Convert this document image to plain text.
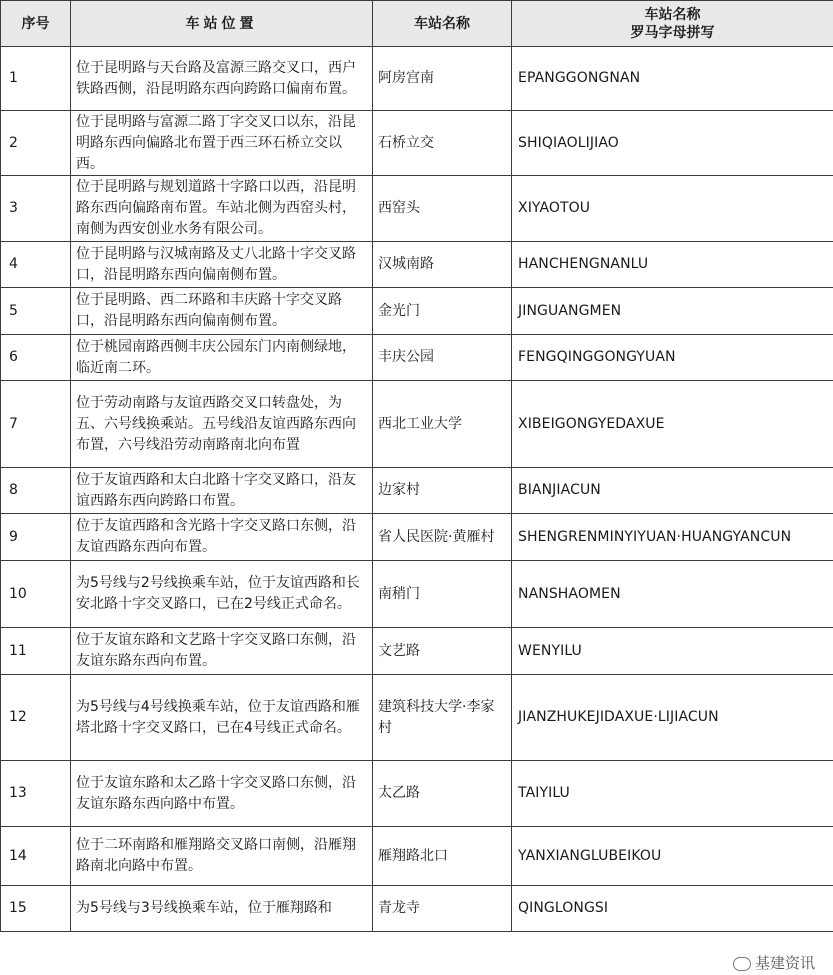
序号	车站位置	车站名称	车站名称
罗马字母拼写
1	位于昆明路与天台路及富源三路交叉口，西户铁路西侧，沿昆明路东西向跨路口偏南布置。	阿房宫南	EPANGGONGNAN
2	位于昆明路与富源二路丁字交叉口以东，沿昆明路东西向偏路北布置于西三环石桥立交以西。	石桥立交	SHIQIAOLIJIAO
3	位于昆明路与规划道路十字路口以西，沿昆明路东西向偏路南布置。车站北侧为西窑头村，南侧为西安创业水务有限公司。	西窑头	XIYAOTOU
4	位于昆明路与汉城南路及丈八北路十字交叉路口，沿昆明路东西向偏南侧布置。	汉城南路	HANCHENGNANLU
5	位于昆明路、西二环路和丰庆路十字交叉路口，沿昆明路东西向偏南侧布置。	金光门	JINGUANGMEN
6	位于桃园南路西侧丰庆公园东门内南侧绿地，临近南二环。	丰庆公园	FENGQINGGONGYUAN
7	位于劳动南路与友谊西路交叉口转盘处，为五、六号线换乘站。五号线沿友谊西路东西向布置，六号线沿劳动南路南北向布置	西北工业大学	XIBEIGONGYEDAXUE
8	位于友谊西路和太白北路十字交叉路口，沿友谊西路东西向跨路口布置。	边家村	BIANJIACUN
9	位于友谊西路和含光路十字交叉路口东侧，沿友谊西路东西向布置。	省人民医院·黄雁村	SHENGRENMINYIYUAN·HUANGYANCUN
10	为5号线与2号线换乘车站，位于友谊西路和长安北路十字交叉路口，已在2号线正式命名。	南稍门	NANSHAOMEN
11	位于友谊东路和文艺路十字交叉路口东侧，沿友谊东路东西向布置。	文艺路	WENYILU
12	为5号线与4号线换乘车站，位于友谊西路和雁塔北路十字交叉路口，已在4号线正式命名。	建筑科技大学·李家村	JIANZHUKEJIDAXUE·LIJIACUN
13	位于友谊东路和太乙路十字交叉路口东侧，沿友谊东路东西向路中布置。	太乙路	TAIYILU
14	位于二环南路和雁翔路交叉路口南侧，沿雁翔路南北向路中布置。	雁翔路北口	YANXIANGLUBEIKOU
15	为5号线与3号线换乘车站，位于雁翔路和	青龙寺	QINGLONGSI
基建资讯
